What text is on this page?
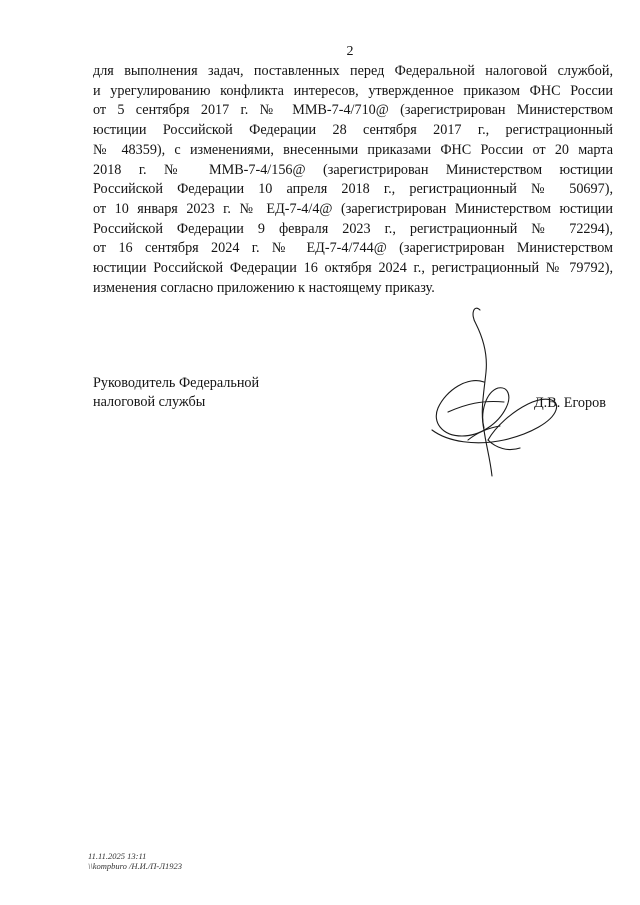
2
для выполнения задач, поставленных перед Федеральной налоговой службой,
и урегулированию конфликта интересов, утвержденное приказом ФНС России
от 5 сентября 2017 г. № ММВ-7-4/710@ (зарегистрирован Министерством
юстиции Российской Федерации 28 сентября 2017 г., регистрационный
№ 48359), с изменениями, внесенными приказами ФНС России от 20 марта
2018 г. № ММВ-7-4/156@ (зарегистрирован Министерством юстиции
Российской Федерации 10 апреля 2018 г., регистрационный № 50697),
от 10 января 2023 г. № ЕД-7-4/4@ (зарегистрирован Министерством юстиции
Российской Федерации 9 февраля 2023 г., регистрационный № 72294),
от 16 сентября 2024 г. № ЕД-7-4/744@ (зарегистрирован Министерством
юстиции Российской Федерации 16 октября 2024 г., регистрационный № 79792),
изменения согласно приложению к настоящему приказу.
Руководитель Федеральной
налоговой службы	Д.В. Егоров
11.11.2025 13:11
\\kompburo /Н.И./П-Л1923
